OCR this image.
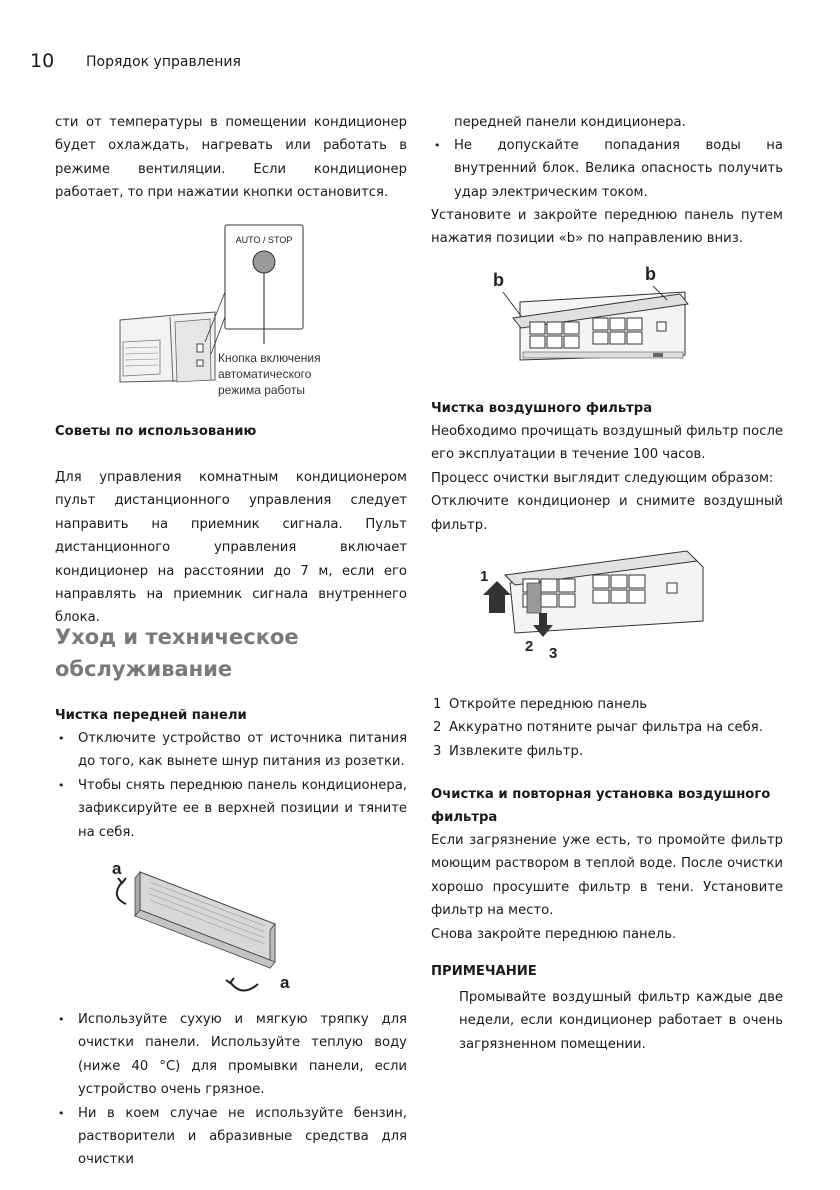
10 Порядок управления

сти от температуры в помещении кондиционер будет охлаждать, нагревать или работать в режиме вентиляции. Если кондиционер работает, то при нажатии кнопки остановится.

AUTO / STOP
Кнопка включения
автоматического
режима работы
Советы по использованию

Для управления комнатным кондиционером пульт дистанционного управления следует направить на приемник сигнала. Пульт дистанционного управления включает кондиционер на расстоянии до 7 м, если его направлять на приемник сигнала внутреннего блока.

Уход и техническое
обслуживание
Чистка передней панели
• Отключите устройство от источника питания до того, как вынете шнур питания из розетки.
• Чтобы снять переднюю панель кондиционера, зафиксируйте ее в верхней позиции и тяните на себя.
a
a
• Используйте сухую и мягкую тряпку для очистки панели. Используйте теплую воду (ниже 40 °C) для промывки панели, если устройство очень грязное.
• Ни в коем случае не используйте бензин, растворители и абразивные средства для очистки
передней панели кондиционера.
• Не допускайте попадания воды на внутренний блок. Велика опасность получить удар электрическим током.

Установите и закройте переднюю панель путем нажатия позиции «b» по направлению вниз.

b	b
Чистка воздушного фильтра

Необходимо прочищать воздушный фильтр после его эксплуатации в течение 100 часов.

Процесс очистки выглядит следующим образом:

Отключите кондиционер и снимите воздушный фильтр.

1
2 3
1 Откройте переднюю панель
2 Аккуратно потяните рычаг фильтра на себя.
3 Извлеките фильтр.
Очистка и повторная установка воздушного
фильтра

Если загрязнение уже есть, то промойте фильтр моющим раствором в теплой воде. После очистки хорошо просушите фильтр в тени. Установите фильтр на место.

Снова закройте переднюю панель.

ПРИМЕЧАНИЕ

Промывайте воздушный фильтр каждые две недели, если кондиционер работает в очень загрязненном помещении.
